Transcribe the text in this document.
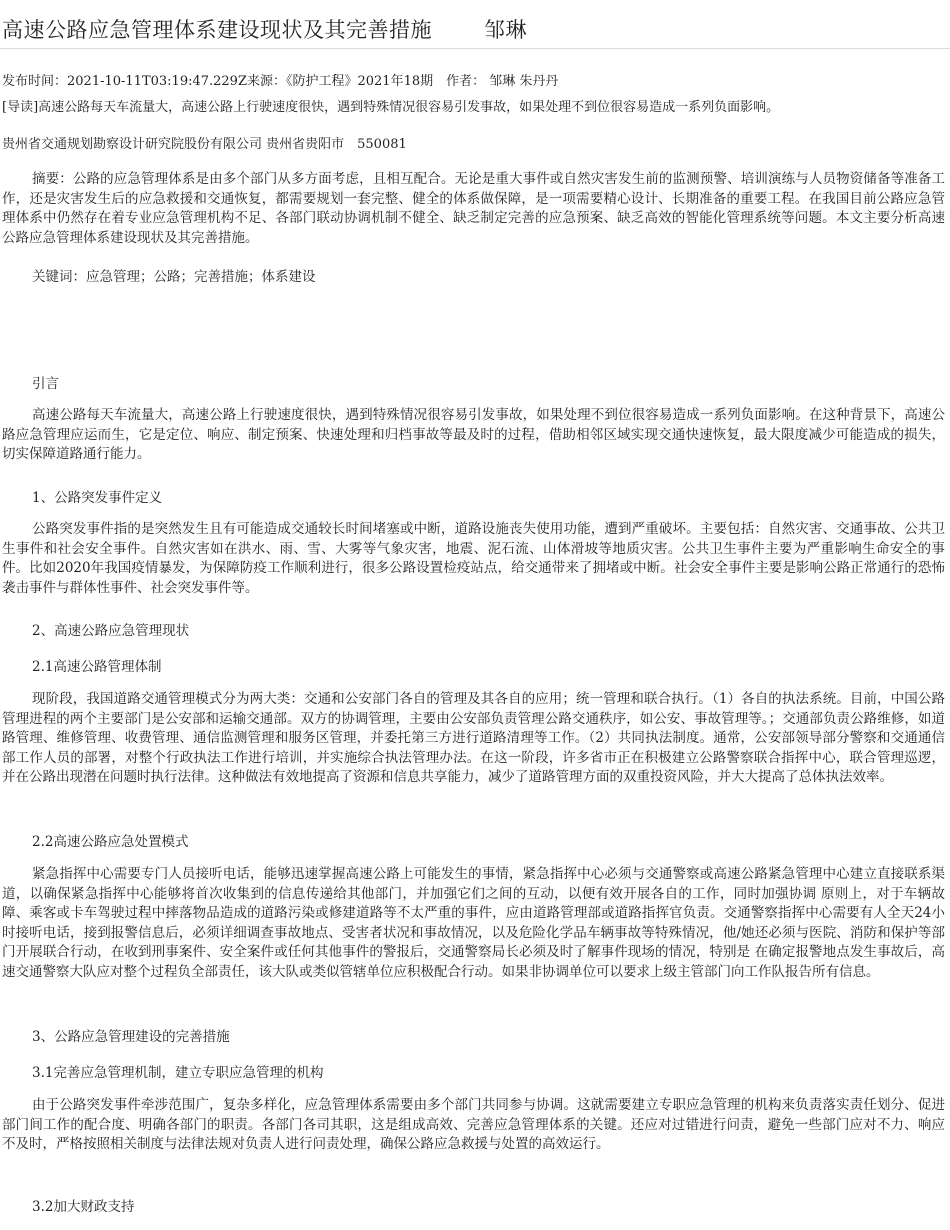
高速公路应急管理体系建设现状及其完善措施 邹琳
发布时间：2021-10-11T03:19:47.229Z来源：《防护工程》2021年18期　作者： 邹琳 朱丹丹
[导读]高速公路每天车流量大，高速公路上行驶速度很快，遇到特殊情况很容易引发事故，如果处理不到位很容易造成一系列负面影响。
贵州省交通规划勘察设计研究院股份有限公司 贵州省贵阳市　550081

摘要：公路的应急管理体系是由多个部门从多方面考虑，且相互配合。无论是重大事件或自然灾害发生前的监测预警、培训演练与人员物资储备等准备工作，还是灾害发生后的应急救援和交通恢复，都需要规划一套完整、健全的体系做保障，是一项需要精心设计、长期准备的重要工程。在我国目前公路应急管理体系中仍然存在着专业应急管理机构不足、各部门联动协调机制不健全、缺乏制定完善的应急预案、缺乏高效的智能化管理系统等问题。本文主要分析高速公路应急管理体系建设现状及其完善措施。

关键词：应急管理；公路；完善措施；体系建设

引言

高速公路每天车流量大，高速公路上行驶速度很快，遇到特殊情况很容易引发事故，如果处理不到位很容易造成一系列负面影响。在这种背景下，高速公路应急管理应运而生，它是定位、响应、制定预案、快速处理和归档事故等最及时的过程，借助相邻区域实现交通快速恢复，最大限度减少可能造成的损失，切实保障道路通行能力。

1、公路突发事件定义

公路突发事件指的是突然发生且有可能造成交通较长时间堵塞或中断，道路设施丧失使用功能，遭到严重破坏。主要包括：自然灾害、交通事故、公共卫生事件和社会安全事件。自然灾害如在洪水、雨、雪、大雾等气象灾害，地震、泥石流、山体滑坡等地质灾害。公共卫生事件主要为严重影响生命安全的事件。比如2020年我国疫情暴发，为保障防疫工作顺利进行，很多公路设置检疫站点，给交通带来了拥堵或中断。社会安全事件主要是影响公路正常通行的恐怖袭击事件与群体性事件、社会突发事件等。

2、高速公路应急管理现状
2.1高速公路管理体制

现阶段，我国道路交通管理模式分为两大类：交通和公安部门各自的管理及其各自的应用；统一管理和联合执行。（1）各自的执法系统。目前，中国公路管理进程的两个主要部门是公安部和运输交通部。双方的协调管理，主要由公安部负责管理公路交通秩序，如公安、事故管理等。；交通部负责公路维修，如道路管理、维修管理、收费管理、通信监测管理和服务区管理，并委托第三方进行道路清理等工作。（2）共同执法制度。通常，公安部领导部分警察和交通通信部工作人员的部署，对整个行政执法工作进行培训，并实施综合执法管理办法。在这一阶段，许多省市正在积极建立公路警察联合指挥中心，联合管理巡逻，并在公路出现潜在问题时执行法律。这种做法有效地提高了资源和信息共享能力，减少了道路管理方面的双重投资风险，并大大提高了总体执法效率。

2.2高速公路应急处置模式

紧急指挥中心需要专门人员接听电话，能够迅速掌握高速公路上可能发生的事情，紧急指挥中心必须与交通警察或高速公路紧急管理中心建立直接联系渠道，以确保紧急指挥中心能够将首次收集到的信息传递给其他部门，并加强它们之间的互动，以便有效开展各自的工作，同时加强协调 原则上，对于车辆故障、乘客或卡车驾驶过程中摔落物品造成的道路污染或修建道路等不太严重的事件，应由道路管理部或道路指挥官负责。交通警察指挥中心需要有人全天24小时接听电话，接到报警信息后，必须详细调查事故地点、受害者状况和事故情况，以及危险化学品车辆事故等特殊情况，他/她还必须与医院、消防和保护等部门开展联合行动，在收到刑事案件、安全案件或任何其他事件的警报后，交通警察局长必须及时了解事件现场的情况，特别是 在确定报警地点发生事故后，高速交通警察大队应对整个过程负全部责任，该大队或类似管辖单位应积极配合行动。如果非协调单位可以要求上级主管部门向工作队报告所有信息。

3、公路应急管理建设的完善措施
3.1完善应急管理机制，建立专职应急管理的机构

由于公路突发事件牵涉范围广，复杂多样化，应急管理体系需要由多个部门共同参与协调。这就需要建立专职应急管理的机构来负责落实责任划分、促进部门间工作的配合度、明确各部门的职责。各部门各司其职，这是组成高效、完善应急管理体系的关键。还应对过错进行问责，避免一些部门应对不力、响应不及时，严格按照相关制度与法律法规对负责人进行问责处理，确保公路应急救援与处置的高效运行。

3.2加大财政支持
